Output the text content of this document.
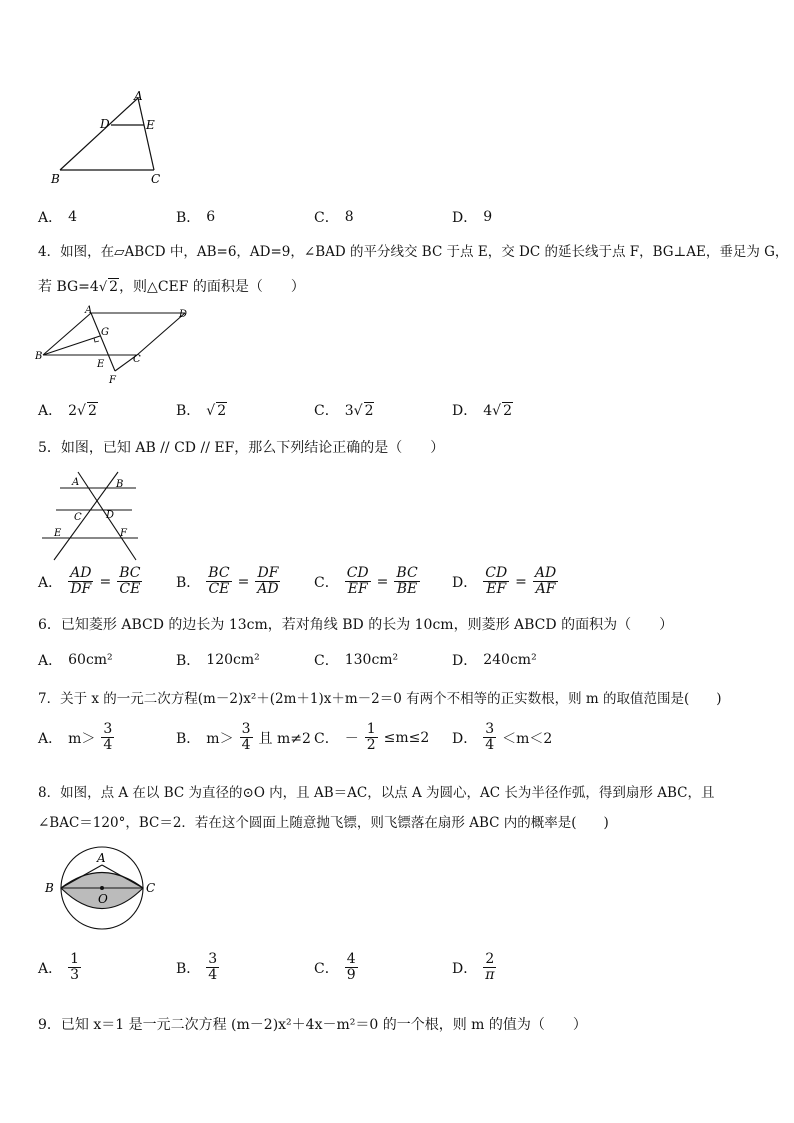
A
D	E
B	C
A． 4	B． 6	C． 8	D． 9
4．如图，在▱ABCD 中，AB=6，AD=9，∠BAD 的平分线交 BC 于点 E，交 DC 的延长线于点 F，BG⊥AE，垂足为 G，
若 BG=4√ 2，则△CEF 的面积是（　　）
A
G
D
B
E	C
F
A． 2√ 2	B． √ 2	C． 3√ 2	D． 4√ 2
5．如图，已知 AB // CD // EF，那么下列结论正确的是（　　）
A	B
C D
E	F
A． $\frac{AD}{DF} = \frac{BC}{CE}$ B． $\frac{BC}{CE} = \frac{DF}{AD}$ C． $\frac{CD}{EF} = \frac{BC}{BE}$ D． $\frac{CD}{EF} = \frac{AD}{AF}$
6．已知菱形 ABCD 的边长为 13cm，若对角线 BD 的长为 10cm，则菱形 ABCD 的面积为（　　）
A． 60cm²	B． 120cm²	C． 130cm²	D． 240cm²
7．关于 x 的一元二次方程(m－2)x²＋(2m＋1)x＋m－2＝0 有两个不相等的正实数根，则 m 的取值范围是(　　)
A． $m> \frac{3}{4}$	B． $m> \frac{3}{4}$ 且 m≠2 C． － $\frac{1}{2} \le m\le 2$ D． $\frac{3}{4} <m<2$
8．如图，点 A 在以 BC 为直径的⊙O 内，且 AB＝AC，以点 A 为圆心，AC 长为半径作弧，得到扇形 ABC，且
∠BAC＝120°，BC＝2．若在这个圆面上随意抛飞镖，则飞镖落在扇形 ABC 内的概率是(　　)
A
B	C
O
A． $\frac{1}{3}$	B． $\frac{3}{4}$	C． $\frac{4}{9}$	D． $\frac{2}{\pi}$
9．已知 x＝1 是一元二次方程 (m－2)x²＋4x－m²＝0 的一个根，则 m 的值为（　　）
